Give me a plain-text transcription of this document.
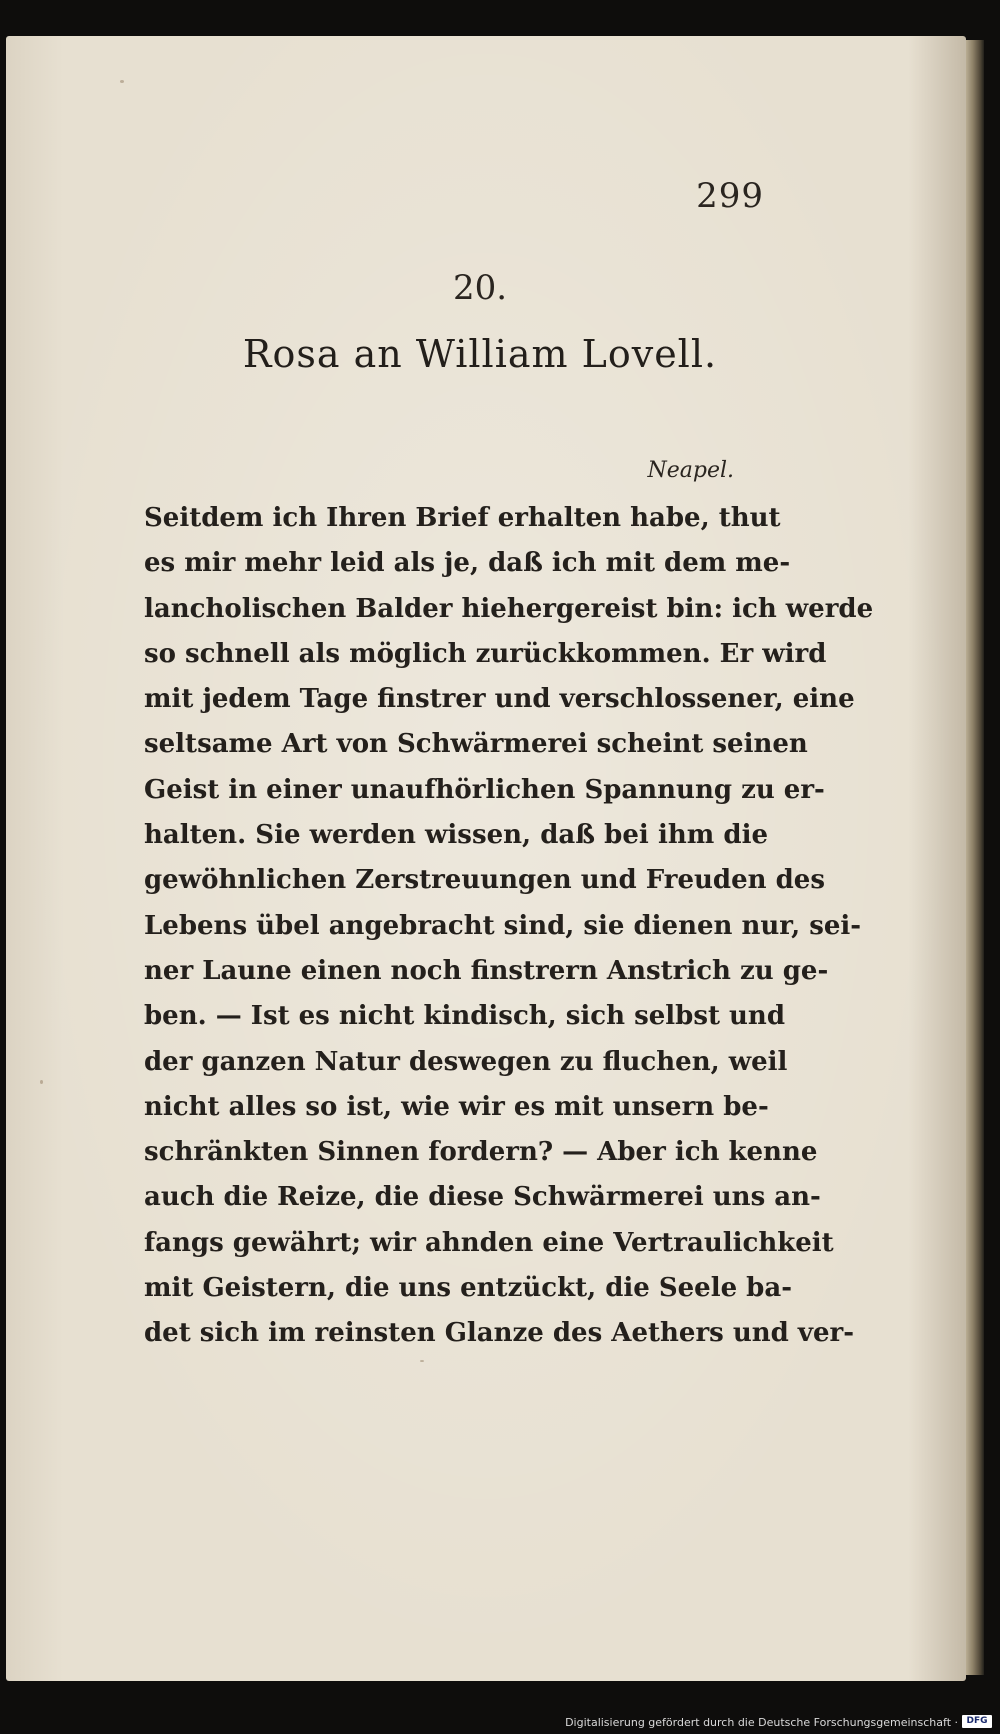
299
20.
Rosa an William Lovell.
Neapel.
Seitdem ich Ihren Brief erhalten habe, thut
es mir mehr leid als je, daß ich mit dem me-
lancholischen Balder hiehergereist bin: ich werde
so schnell als möglich zurückkommen. Er wird
mit jedem Tage finstrer und verschlossener, eine
seltsame Art von Schwärmerei scheint seinen
Geist in einer unaufhörlichen Spannung zu er-
halten. Sie werden wissen, daß bei ihm die
gewöhnlichen Zerstreuungen und Freuden des
Lebens übel angebracht sind, sie dienen nur, sei-
ner Laune einen noch finstrern Anstrich zu ge-
ben. — Ist es nicht kindisch, sich selbst und
der ganzen Natur deswegen zu fluchen, weil
nicht alles so ist, wie wir es mit unsern be-
schränkten Sinnen fordern? — Aber ich kenne
auch die Reize, die diese Schwärmerei uns an-
fangs gewährt; wir ahnden eine Vertraulichkeit
mit Geistern, die uns entzückt, die Seele ba-
det sich im reinsten Glanze des Aethers und ver-
Digitalisierung gefördert durch die Deutsche Forschungsgemeinschaft · DFG
